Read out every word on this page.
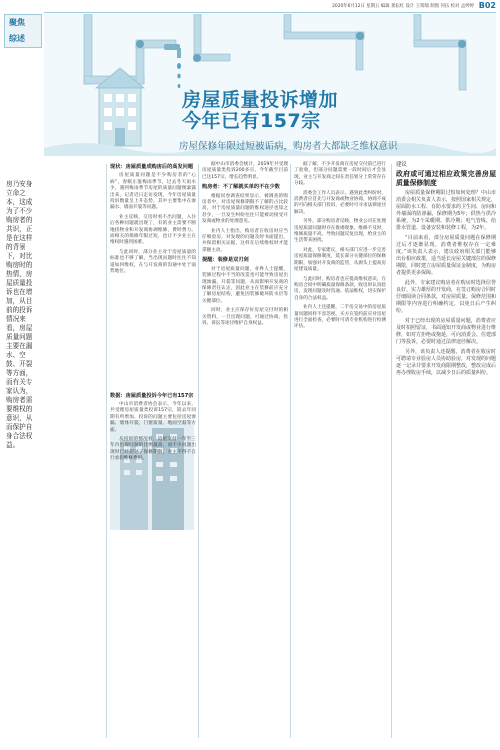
2020年6月12日 星期五 编辑 龚耘红 设计 王瑞瑞 制图 何伍 校对 孟婷婷 B02
聚焦
综述
房屋质量投诉增加
今年已有157宗
房屋保修年限过短被诟病，购房者大都缺乏维权意识
房乃安身立命之本，这成为了不少购房者的共识，正是在这样的背景下，对比购房时的热情，房屋质量投诉也在增加，从目前的投诉情况来看，房屋质量问题主要在漏水、空鼓、开裂等方面，而有关专家认为，购房者需要维权的意识，从而保护自身合法权益。
现状：房屋质量成购房后的高发问题

房屋质量问题是不少购房者的“心病”，春眠正值梅雨季节，过去冬天雨水少，遇到梅雨季节房屋的质量问题便暴露出来。记者近日走访发现，今年房屋质量投诉数量呈上升态势，其中主要集中在渗漏水、墙面开裂等问题。

业主反映，交房时看不出问题，入住后各种问题就出现了，有的业主需要不断地找物业和开发商协调维修，费时费力。而相关的保修年限过短，也让不少业主在维权时遇到困难。

与此同时，部分业主对于房屋质量的标准也不够了解，当出现问题时往往不知道如何维权，在与开发商的沟通中处于弱势地位。

数据：房屋质量投诉今年已有157宗

中山市消费者协会表示，今年以来，共受理房屋质量类投诉157宗，较去年同期有所增加，投诉的问题主要包括房屋渗漏、墙体开裂、门窗质量、地面空鼓等方面。

从投诉的情况看，房屋交付一年至三年内出现问题的比例最高，而不少问题出现时已经超过了保修期限，业主不得不自行承担维修费用。

据中山市消委会统计，2019年共受理房屋质量类投诉200多宗，今年截至目前已达157宗，增长趋势明显。

购房者：不了解就买单的不在少数

根据问卷调查结果显示，被调查的购房者中，对房屋保修期限不了解的占比较高，对于房屋质量问题的维权途径也知之甚少，一旦发生纠纷往往只能被动接受开发商或物业的处理意见。

业内人士指出，购房者在收房时应当仔细验房，对发现的问题及时书面提出，并保留相关证据，这样在后续维权时才能掌握主动。

提醒：装修是双刃剑

对于房屋质量问题，业界人士提醒，装修过程中不当的改造也可能导致房屋出现渗漏、开裂等问题，从而影响开发商的保修责任认定，因此业主在装修前应充分了解房屋结构，避免因装修破坏防水层等关键部位。

同时，业主应保存好房屋交付时的相关资料，一旦出现问题，可通过协商、投诉、诉讼等途径维护自身权益。

据了解，不少开发商在房屋交付前已进行了验收，但部分问题需要一段时间后才会显现，业主与开发商之间在责任划分上常常存在分歧。

消委会工作人员表示，遇到此类纠纷时，消费者应首先与开发商或物业协商，协商不成的可向相关部门投诉，必要时可寻求法律途径解决。

另外，部分购房者反映，物业公司在处理房屋质量问题时存在推诿现象，维修不及时，维修质量不高，导致问题反复出现，给业主的生活带来困扰。

对此，专家建议，相关部门应进一步完善房屋质量保修制度，延长部分关键部位的保修期限，加强对开发商的监管，从源头上提高房屋建设质量。

与此同时，购房者也应提高维权意识，在购房合同中明确质量保修条款，收房时认真验房，发现问题及时沟通、依法维权，切实保护自身的合法权益。

业内人士还提醒，二手房交易中的房屋质量问题同样不容忽视，买方在签约前应对房屋进行全面检查，必要时可请专业机构进行检测评估。

建议
政府或可通过相应政策完善房屋质量保修制度

房屋质量保修期限过短如何处理？中山市消委会相关负责人表示，按照国家相关规定，屋面防水工程、有防水要求的卫生间、房间和外墙面的防渗漏，保修期为5年；供热与供冷系统，为2个采暖期、供冷期；电气管线、给排水管道、设备安装和装修工程，为2年。

“目前来看，部分房屋质量问题在保修期过后才逐渐显现，消费者维权存在一定难度。”该负责人表示，建议政府相关部门能够出台相应政策，适当延长房屋关键部位的保修期限，同时建立房屋质量保证金制度，为购房者提供更多保障。

此外，专家建议购房者在购房时选择信誉良好、实力雄厚的开发商，在签订购房合同时仔细阅读合同条款，对房屋质量、保修范围和期限等内容进行明确约定，以免日后产生纠纷。

对于已经出现的房屋质量问题，消费者应及时拍照留证，书面通知开发商或物业进行维修，如对方拒绝或拖延，可向消委会、住建部门等投诉，必要时通过法律途径解决。

另外，该负责人还提醒，消费者在收房时可聘请专业验房人员协助验房，对发现的问题逐一记录并要求开发商限期整改，整改完成后再办理收房手续，以减少日后的质量纠纷。
